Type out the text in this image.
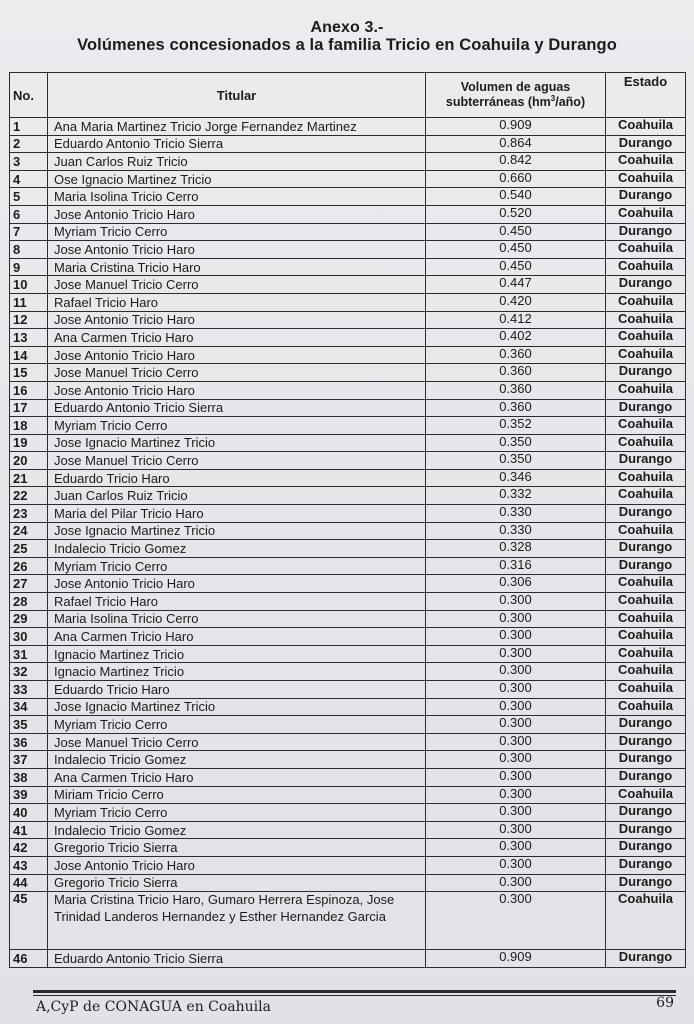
Anexo 3.-
Volúmenes concesionados a la familia Tricio en Coahuila y Durango
No.	Titular	Volumen de aguas
subterráneas $(hm^3/año)$	Estado
1	Ana Maria Martinez Tricio Jorge Fernandez Martinez	0.909	Coahuila
2	Eduardo Antonio Tricio Sierra	0.864	Durango
3	Juan Carlos Ruiz Tricio	0.842	Coahuila
4	Ose Ignacio Martinez Tricio	0.660	Coahuila
5	Maria Isolina Tricio Cerro	0.540	Durango
6	Jose Antonio Tricio Haro	0.520	Coahuila
7	Myriam Tricio Cerro	0.450	Durango
8	Jose Antonio Tricio Haro	0.450	Coahuila
9	Maria Cristina Tricio Haro	0.450	Coahuila
10	Jose Manuel Tricio Cerro	0.447	Durango
11	Rafael Tricio Haro	0.420	Coahuila
12	Jose Antonio Tricio Haro	0.412	Coahuila
13	Ana Carmen Tricio Haro	0.402	Coahuila
14	Jose Antonio Tricio Haro	0.360	Coahuila
15	Jose Manuel Tricio Cerro	0.360	Durango
16	Jose Antonio Tricio Haro	0.360	Coahuila
17	Eduardo Antonio Tricio Sierra	0.360	Durango
18	Myriam Tricio Cerro	0.352	Coahuila
19	Jose Ignacio Martinez Tricio	0.350	Coahuila
20	Jose Manuel Tricio Cerro	0.350	Durango
21	Eduardo Tricio Haro	0.346	Coahuila
22	Juan Carlos Ruiz Tricio	0.332	Coahuila
23	Maria del Pilar Tricio Haro	0.330	Durango
24	Jose Ignacio Martinez Tricio	0.330	Coahuila
25	Indalecio Tricio Gomez	0.328	Durango
26	Myriam Tricio Cerro	0.316	Durango
27	Jose Antonio Tricio Haro	0.306	Coahuila
28	Rafael Tricio Haro	0.300	Coahuila
29	Maria Isolina Tricio Cerro	0.300	Coahuila
30	Ana Carmen Tricio Haro	0.300	Coahuila
31	Ignacio Martinez Tricio	0.300	Coahuila
32	Ignacio Martinez Tricio	0.300	Coahuila
33	Eduardo Tricio Haro	0.300	Coahuila
34	Jose Ignacio Martinez Tricio	0.300	Coahuila
35	Myriam Tricio Cerro	0.300	Durango
36	Jose Manuel Tricio Cerro	0.300	Durango
37	Indalecio Tricio Gomez	0.300	Durango
38	Ana Carmen Tricio Haro	0.300	Durango
39	Miriam Tricio Cerro	0.300	Coahuila
40	Myriam Tricio Cerro	0.300	Durango
41	Indalecio Tricio Gomez	0.300	Durango
42	Gregorio Tricio Sierra	0.300	Durango
43	Jose Antonio Tricio Haro	0.300	Durango
44	Gregorio Tricio Sierra	0.300	Durango
45	Maria Cristina Tricio Haro, Gumaro Herrera Espinoza, Jose Trinidad Landeros Hernandez y Esther Hernandez Garcia	0.300	Coahuila
46	Eduardo Antonio Tricio Sierra	0.909	Durango
A,CyP de CONAGUA en Coahuila	69
